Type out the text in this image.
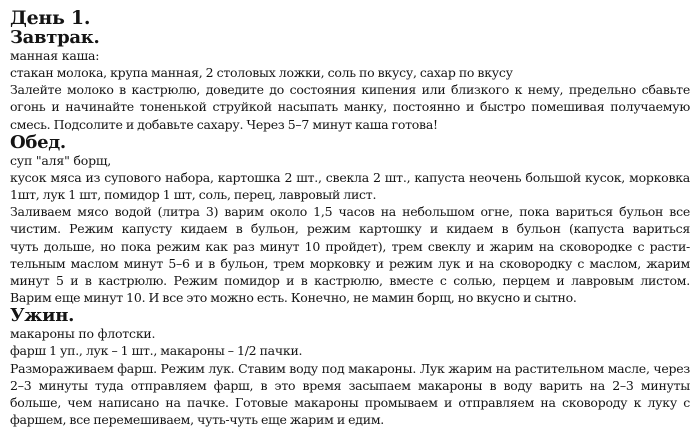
День 1.
Завтрак.

манная каша:

стакан молока, крупа манная, 2 столовых ложки, соль по вкусу, сахар по вкусу

Залейте молоко в кастрюлю, доведите до состояния кипения или близкого к нему, предельно сбавьте
огонь и начинайте тоненькой струйкой насыпать манку, постоянно и быстро помешивая получаемую
смесь. Подсолите и добавьте сахару. Через 5–7 минут каша готова!

Обед.

суп "аля" борщ,

кусок мяса из супового набора, картошка 2 шт., свекла 2 шт., капуста неочень большой кусок, морковка
1шт, лук 1 шт, помидор 1 шт, соль, перец, лавровый лист.

Заливаем мясо водой (литра 3) варим около 1,5 часов на небольшом огне, пока вариться бульон все
чистим. Режим капусту кидаем в бульон, режим картошку и кидаем в бульон (капуста вариться
чуть дольше, но пока режим как раз минут 10 пройдет), трем свеклу и жарим на сковородке с расти-
тельным маслом минут 5–6 и в бульон, трем морковку и режим лук и на сковородку с маслом, жарим
минут 5 и в кастрюлю. Режим помидор и в кастрюлю, вместе с солью, перцем и лавровым листом.
Варим еще минут 10. И все это можно есть. Конечно, не мамин борщ, но вкусно и сытно.

Ужин.

макароны по флотски.

фарш 1 уп., лук – 1 шт., макароны – 1/2 пачки.

Размораживаем фарш. Режим лук. Ставим воду под макароны. Лук жарим на растительном масле, через
2–3 минуты туда отправляем фарш, в это время засыпаем макароны в воду варить на 2–3 минуты
больше, чем написано на пачке. Готовые макароны промываем и отправляем на сковороду к луку с
фаршем, все перемешиваем, чуть-чуть еще жарим и едим.
